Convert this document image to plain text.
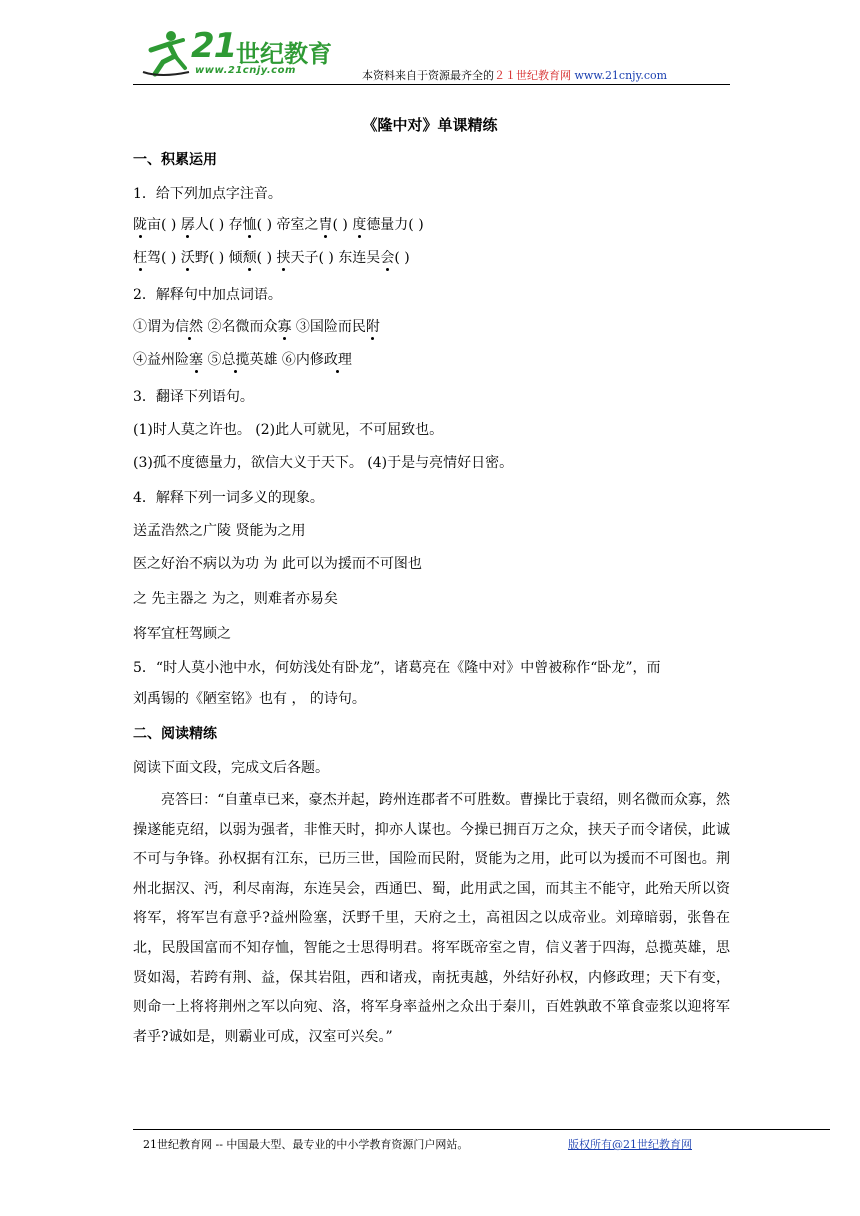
21 世纪教育
www.21cnjy.com	本资料来自于资源最齐全的２１世纪教育网 www.21cnjy.com
《隆中对》单课精练
一、积累运用
1．给下列加点字注音。
陇亩( ) 孱人( ) 存恤( ) 帝室之胄( ) 度德量力( )
枉驾( ) 沃野( ) 倾颓( ) 挟天子( ) 东连吴会( )
2．解释句中加点词语。
①谓为信然 ②名微而众寡 ③国险而民附
④益州险塞 ⑤总揽英雄 ⑥内修政理
3．翻译下列语句。
(1)时人莫之许也。 (2)此人可就见，不可屈致也。
(3)孤不度德量力，欲信大义于天下。 (4)于是与亮情好日密。
4．解释下列一词多义的现象。
送孟浩然之广陵 贤能为之用
医之好治不病以为功 为 此可以为援而不可图也
之 先主器之 为之，则难者亦易矣
将军宜枉驾顾之
5．“时人莫小池中水，何妨浅处有卧龙”，诸葛亮在《隆中对》中曾被称作“卧龙”，而
刘禹锡的《陋室铭》也有 ， 的诗句。
二、阅读精练
阅读下面文段，完成文后各题。
亮答曰：“自董卓已来，豪杰并起，跨州连郡者不可胜数。曹操比于袁绍，则名微而众寡，然操遂能克绍，以弱为强者，非惟天时，抑亦人谋也。今操已拥百万之众，挟天子而令诸侯，此诚不可与争锋。孙权据有江东，已历三世，国险而民附，贤能为之用，此可以为援而不可图也。荆州北据汉、沔，利尽南海，东连吴会，西通巴、蜀，此用武之国，而其主不能守，此殆天所以资将军，将军岂有意乎?益州险塞，沃野千里，天府之土，高祖因之以成帝业。刘璋暗弱，张鲁在北，民殷国富而不知存恤，智能之士思得明君。将军既帝室之胄，信义著于四海，总揽英雄，思贤如渴，若跨有荆、益，保其岩阻，西和诸戎，南抚夷越，外结好孙权，内修政理；天下有变，则命一上将将荆州之军以向宛、洛，将军身率益州之众出于秦川，百姓孰敢不箪食壶浆以迎将军者乎?诚如是，则霸业可成，汉室可兴矣。”
21世纪教育网 -- 中国最大型、最专业的中小学教育资源门户网站。	版权所有@21世纪教育网
